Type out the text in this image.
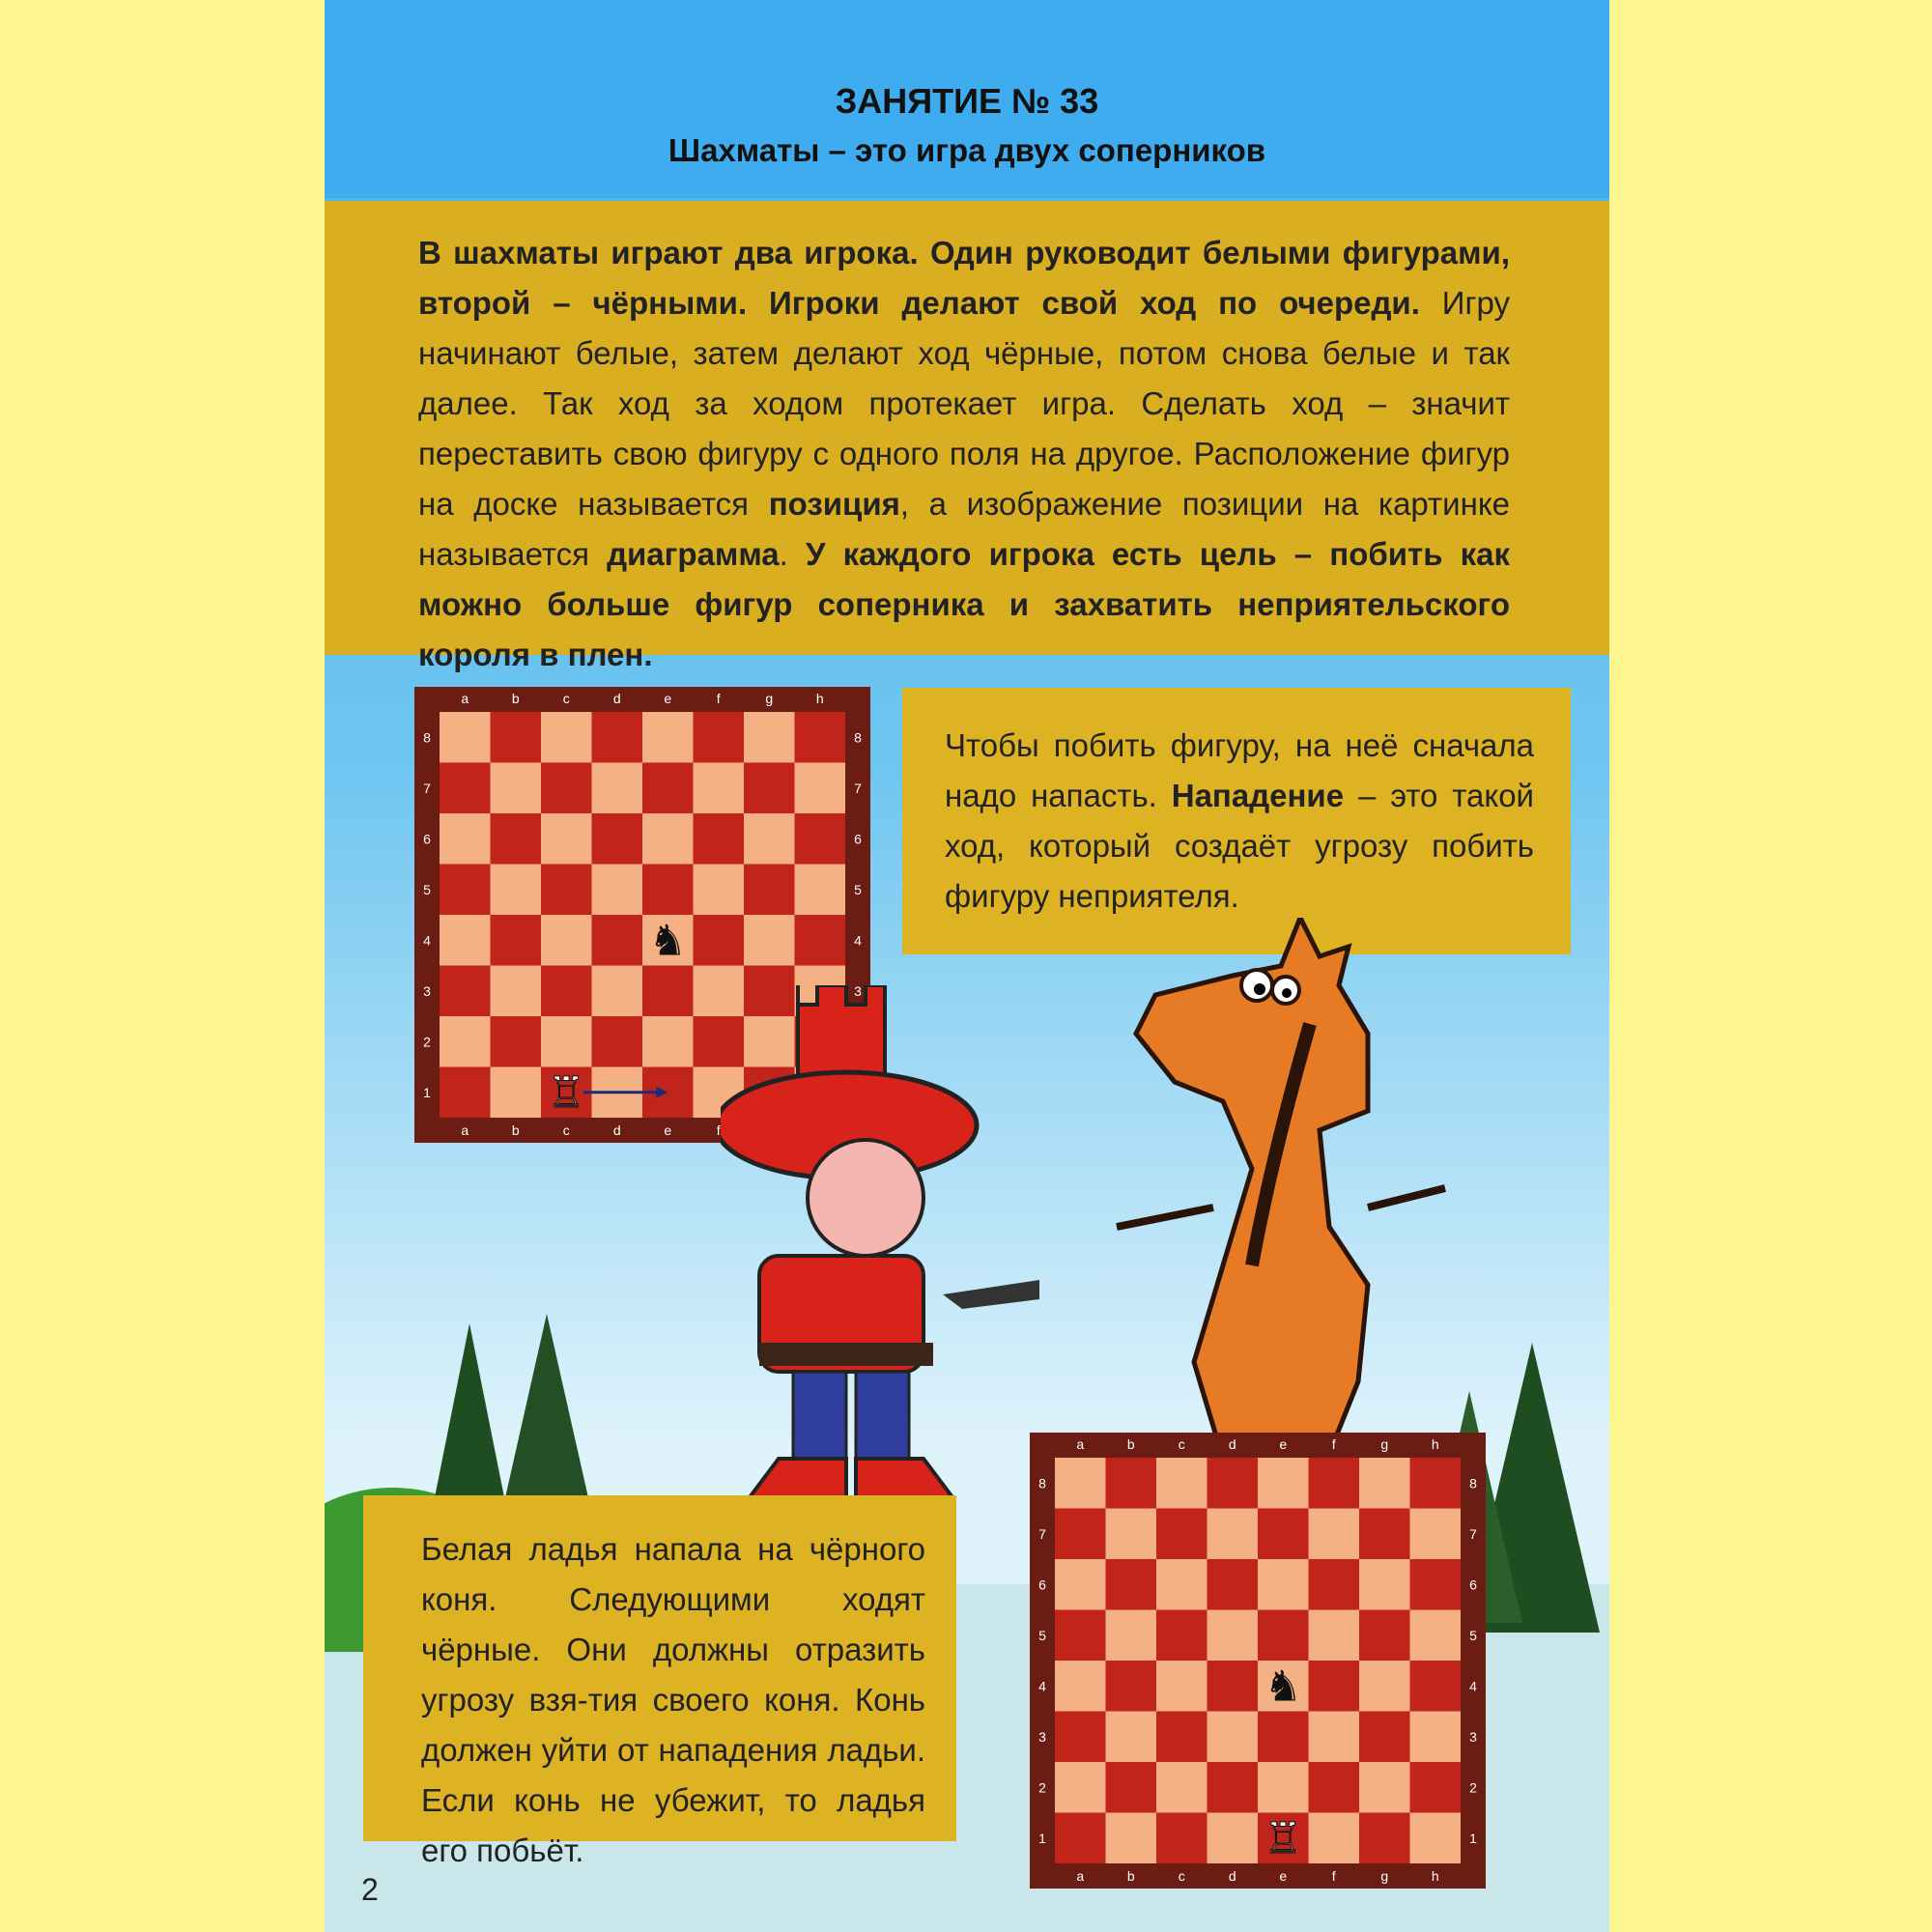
ЗАНЯТИЕ № 33
Шахматы – это игра двух соперников
В шахматы играют два игрока. Один руководит белыми фигурами, второй – чёрными. Игроки делают свой ход по очереди. Игру начинают белые, затем делают ход чёрные, потом снова белые и так далее. Так ход за ходом протекает игра. Сделать ход – значит переставить свою фигуру с одного поля на другое. Расположение фигур на доске называется позиция, а изображение позиции на картинке называется диаграмма. У каждого игрока есть цель – побить как можно больше фигур соперника и захватить неприятельского короля в плен.
a
a
b
b
c
c
d
d
e
e
f
f
g	h
8	8
7	7
6	6
5	5
4	4
3	3
2
1
♞
♖
Чтобы побить фигуру, на неё сначала надо напасть. Нападение – это такой ход, который создаёт угрозу побить фигуру неприятеля.
Белая ладья напала на чёрного коня. Следующими ходят чёрные. Они должны отразить угрозу взя-тия своего коня. Конь должен уйти от нападения ладьи. Если конь не убежит, то ладья его побьёт.
a
a
b
b
c
c
d
d
e
e
f
f
g
g
h
h
8	8
7	7
6	6
5	5
4	4
3	3
2	2
1	1
♞
♖
2
